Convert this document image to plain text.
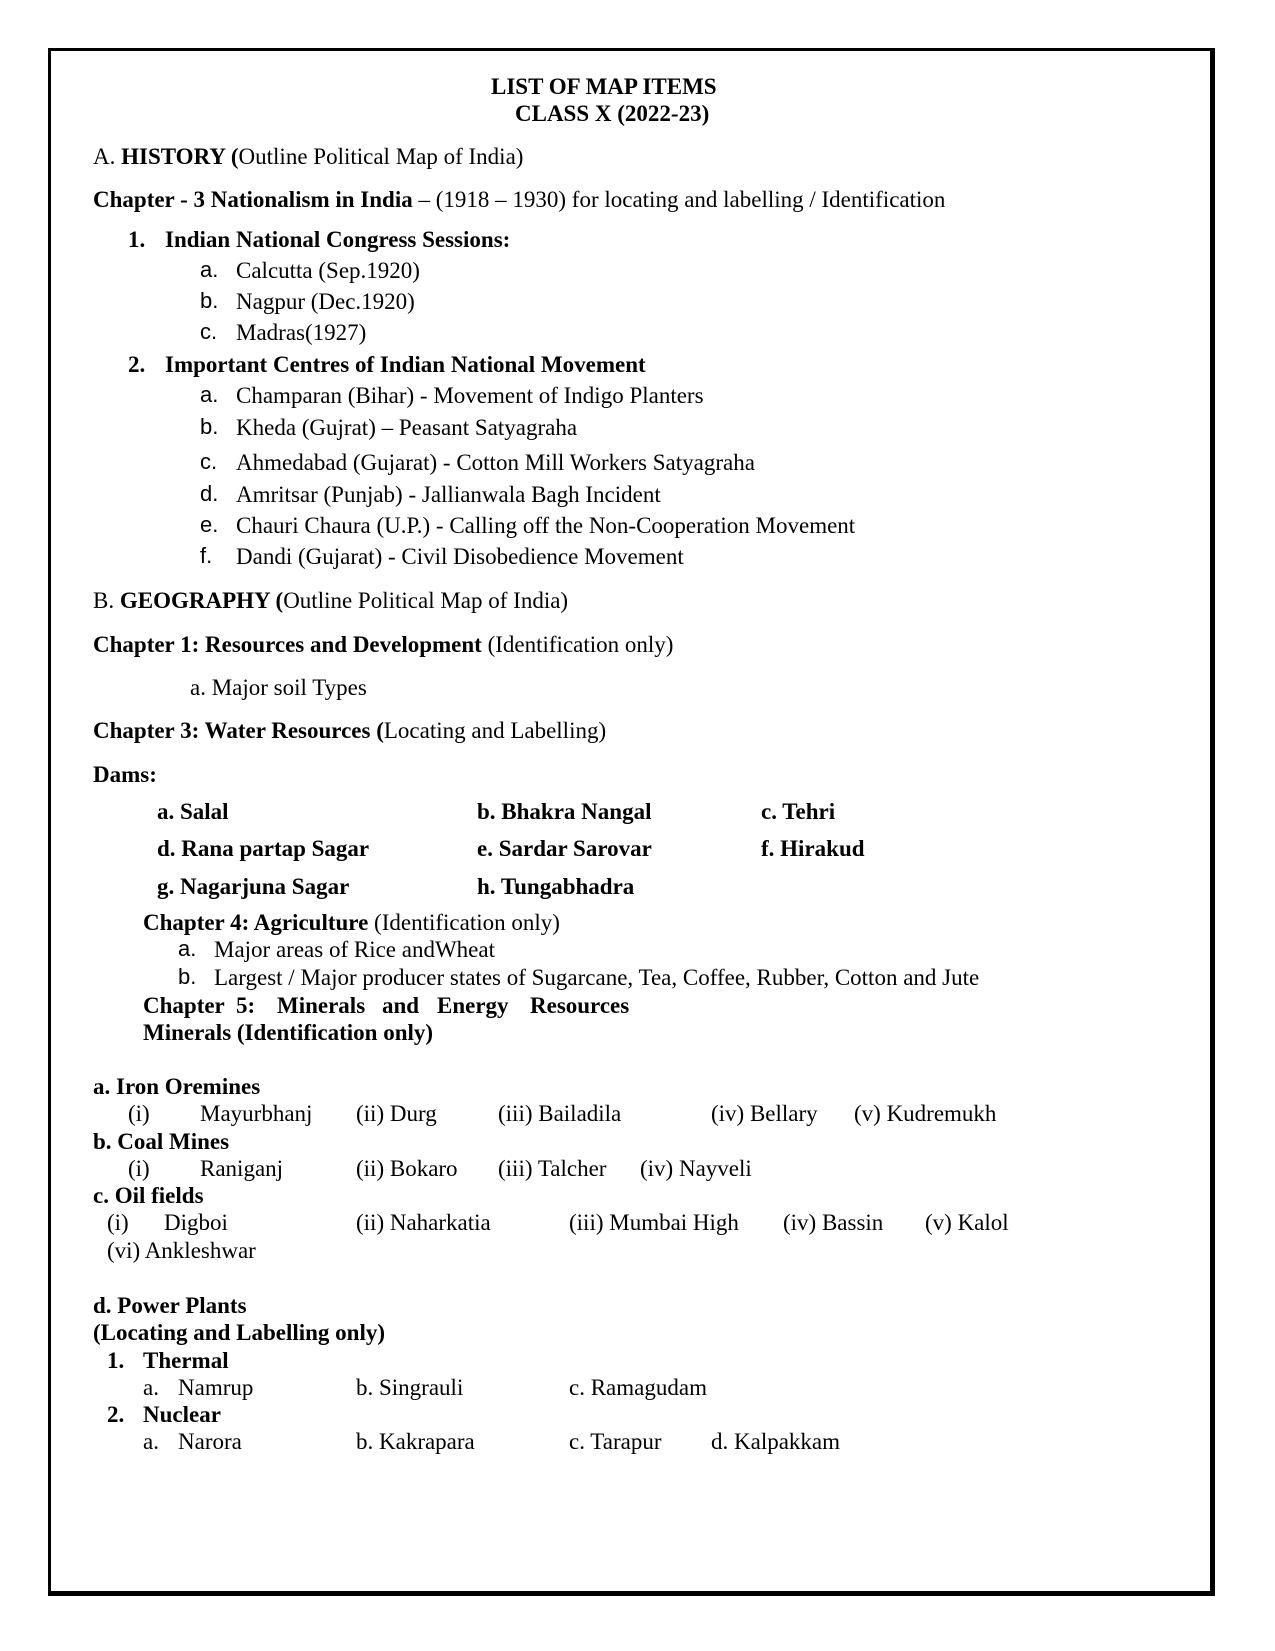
LIST OF MAP ITEMS
CLASS X (2022-23)
A. HISTORY (Outline Political Map of India)
Chapter - 3 Nationalism in India – (1918 – 1930) for locating and labelling / Identification
1. Indian National Congress Sessions:
a. Calcutta (Sep.1920)
b. Nagpur (Dec.1920)
c. Madras(1927)
2. Important Centres of Indian National Movement
a. Champaran (Bihar) - Movement of Indigo Planters
b. Kheda (Gujrat) – Peasant Satyagraha
c. Ahmedabad (Gujarat) - Cotton Mill Workers Satyagraha
d. Amritsar (Punjab) - Jallianwala Bagh Incident
e. Chauri Chaura (U.P.) - Calling off the Non-Cooperation Movement
f. Dandi (Gujarat) - Civil Disobedience Movement
B. GEOGRAPHY (Outline Political Map of India)
Chapter 1: Resources and Development (Identification only)
a. Major soil Types
Chapter 3: Water Resources (Locating and Labelling)
Dams:
a. Salal	b. Bhakra Nangal	c. Tehri
d. Rana partap Sagar	e. Sardar Sarovar	f. Hirakud
g. Nagarjuna Sagar	h. Tungabhadra
Chapter 4: Agriculture (Identification only)
a. Major areas of Rice andWheat
b. Largest / Major producer states of Sugarcane, Tea, Coffee, Rubber, Cotton and Jute
Chapter 5: Minerals and Energy Resources
Minerals (Identification only)
a. Iron Oremines
(i) Mayurbhanj (ii) Durg	(iii) Bailadila	(iv) Bellary (v) Kudremukh
b. Coal Mines
(i) Raniganj	(ii) Bokaro (iii) Talcher (iv) Nayveli
c. Oil fields
(i) Digboi	(ii) Naharkatia	(iii) Mumbai High (iv) Bassin (v) Kalol
(vi) Ankleshwar
d. Power Plants
(Locating and Labelling only)
1. Thermal
a. Namrup	b. Singrauli	c. Ramagudam
2. Nuclear
a. Narora	b. Kakrapara	c. Tarapur d. Kalpakkam
